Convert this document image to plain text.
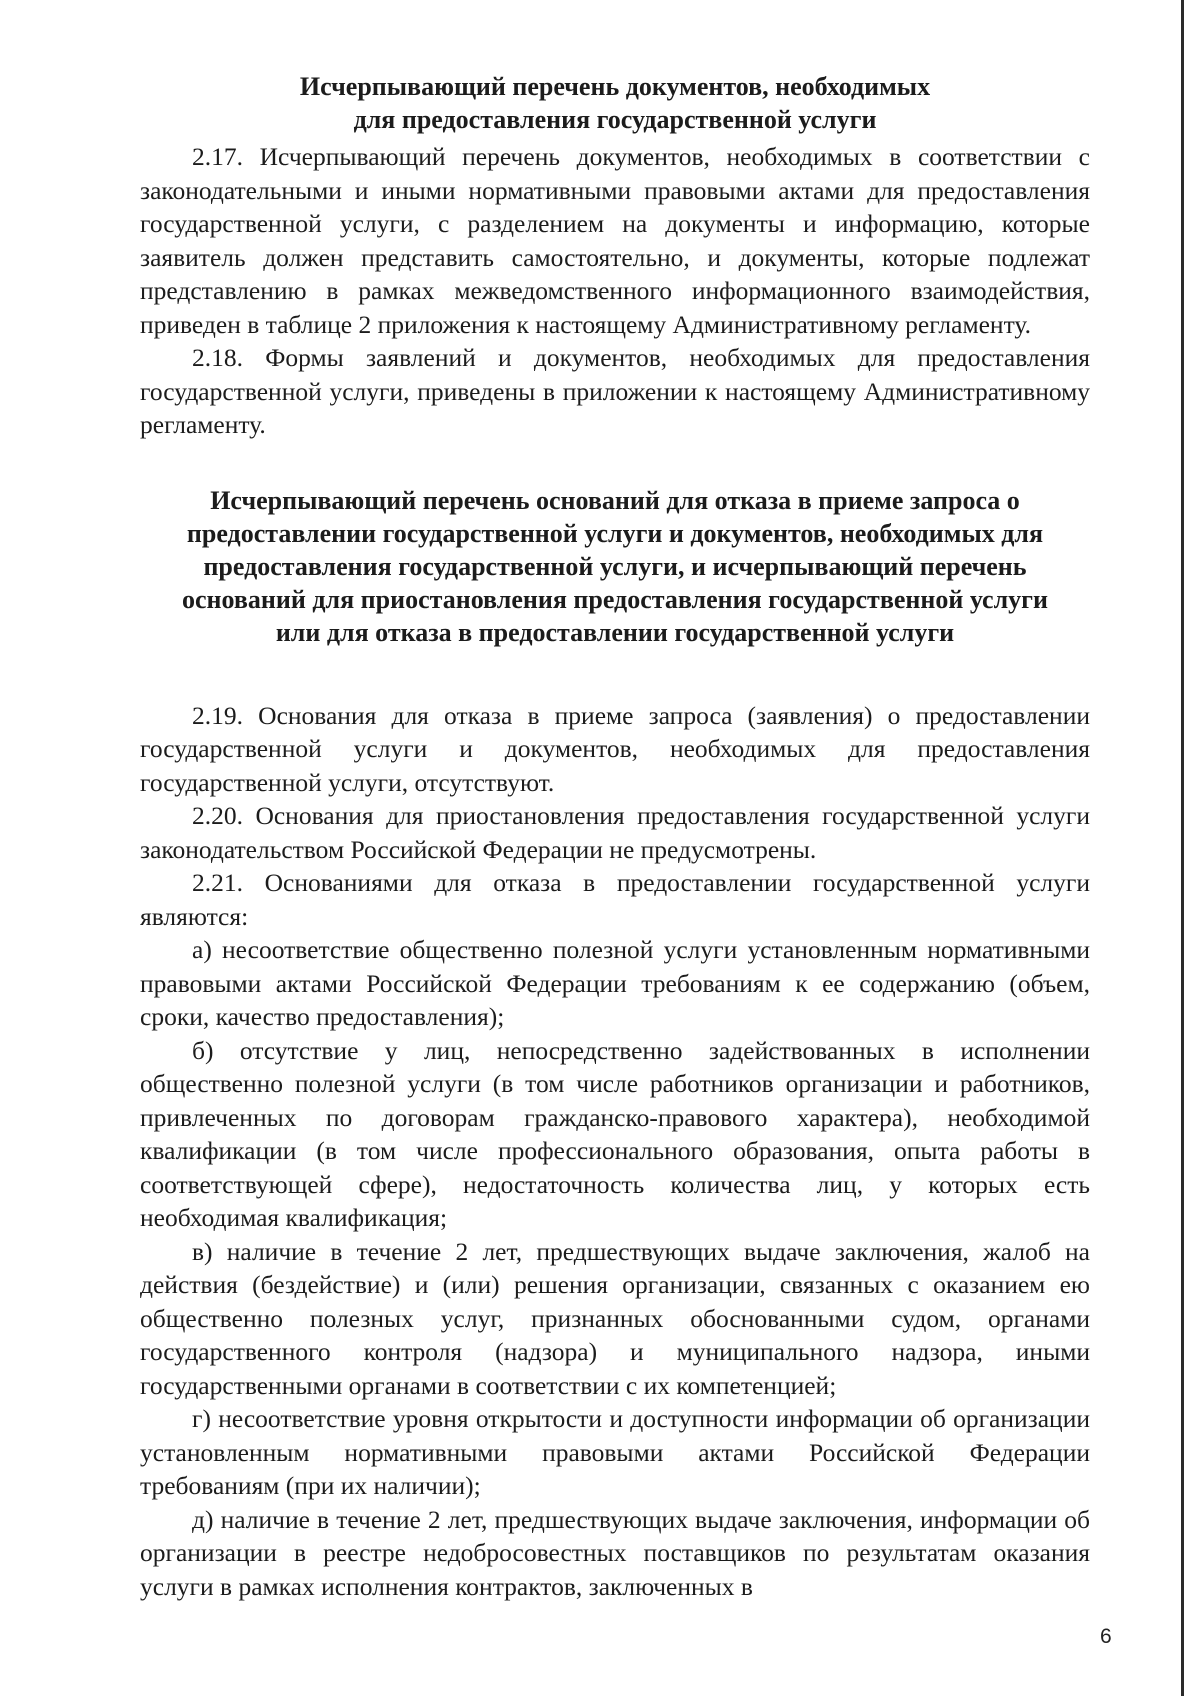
Исчерпывающий перечень документов, необходимых
для предоставления государственной услуги

2.17. Исчерпывающий перечень документов, необходимых в соответствии с законодательными и иными нормативными правовыми актами для предоставления государственной услуги, с разделением на документы и информацию, которые заявитель должен представить самостоятельно, и документы, которые подлежат представлению в рамках межведомственного информационного взаимодействия, приведен в таблице 2 приложения к настоящему Административному регламенту.

2.18. Формы заявлений и документов, необходимых для предоставления государственной услуги, приведены в приложении к настоящему Административному регламенту.

Исчерпывающий перечень оснований для отказа в приеме запроса о
предоставлении государственной услуги и документов, необходимых для
предоставления государственной услуги, и исчерпывающий перечень
оснований для приостановления предоставления государственной услуги
или для отказа в предоставлении государственной услуги

2.19. Основания для отказа в приеме запроса (заявления) о предоставлении государственной услуги и документов, необходимых для предоставления государственной услуги, отсутствуют.

2.20. Основания для приостановления предоставления государственной услуги законодательством Российской Федерации не предусмотрены.

2.21. Основаниями для отказа в предоставлении государственной услуги являются:

а) несоответствие общественно полезной услуги установленным нормативными правовыми актами Российской Федерации требованиям к ее содержанию (объем, сроки, качество предоставления);

б) отсутствие у лиц, непосредственно задействованных в исполнении общественно полезной услуги (в том числе работников организации и работников, привлеченных по договорам гражданско-правового характера), необходимой квалификации (в том числе профессионального образования, опыта работы в соответствующей сфере), недостаточность количества лиц, у которых есть необходимая квалификация;

в) наличие в течение 2 лет, предшествующих выдаче заключения, жалоб на действия (бездействие) и (или) решения организации, связанных с оказанием ею общественно полезных услуг, признанных обоснованными судом, органами государственного контроля (надзора) и муниципального надзора, иными государственными органами в соответствии с их компетенцией;

г) несоответствие уровня открытости и доступности информации об организации установленным нормативными правовыми актами Российской Федерации требованиям (при их наличии);

д) наличие в течение 2 лет, предшествующих выдаче заключения, информации об организации в реестре недобросовестных поставщиков по результатам оказания услуги в рамках исполнения контрактов, заключенных в

6
